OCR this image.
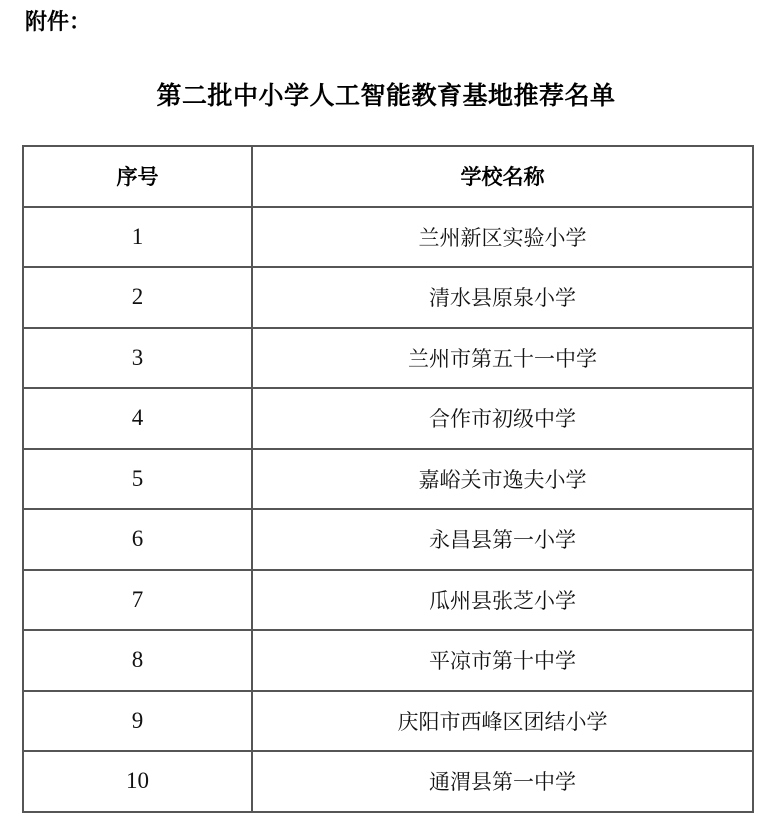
附件：
第二批中小学人工智能教育基地推荐名单
序号	学校名称
1	兰州新区实验小学
2	清水县原泉小学
3	兰州市第五十一中学
4	合作市初级中学
5	嘉峪关市逸夫小学
6	永昌县第一小学
7	瓜州县张芝小学
8	平凉市第十中学
9	庆阳市西峰区团结小学
10	通渭县第一中学
